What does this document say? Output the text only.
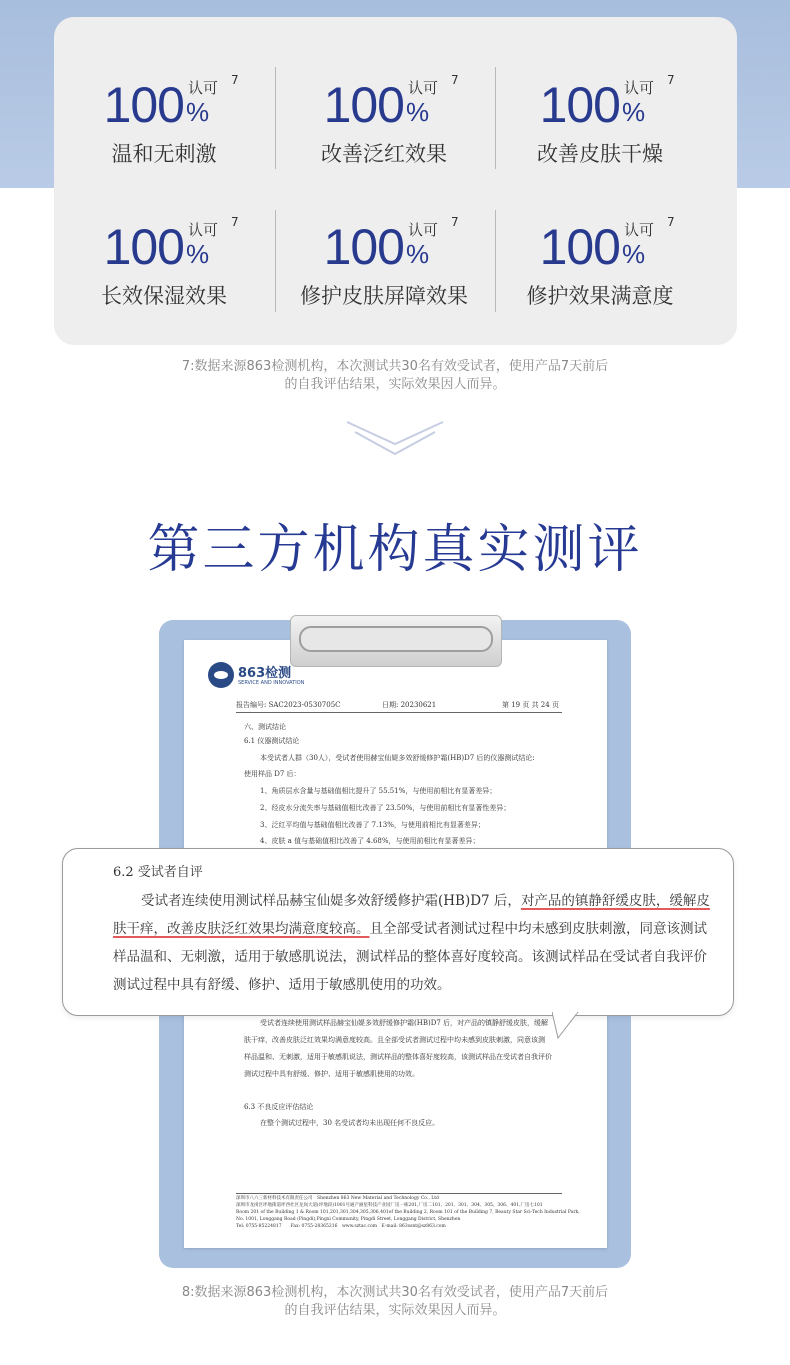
100 认可 7
%
温和无刺激
100 认可 7
%
改善泛红效果
100 认可 7
%
改善皮肤干燥
100 认可 7
%
长效保湿效果
100 认可 7
%
修护皮肤屏障效果
100 认可 7
%
修护效果满意度
7:数据来源863检测机构，本次测试共30名有效受试者，使用产品7天前后
的自我评估结果，实际效果因人而异。
第三方机构真实测评
863检测
SERVICE AND INNOVATION
报告编号: SAC2023-0530705C	日期: 20230621	第 19 页 共 24 页
六、测试结论
6.1 仪器测试结论
本受试者人群（30人），受试者使用赫宝仙媞多效舒缓修护霜(HB)D7 后的仪器测试结论:
使用样品 D7 后：
1、角质层水含量与基础值相比提升了 55.51%，与使用前相比有显著差异；
2、经皮水分流失率与基础值相比改善了 23.50%，与使用前相比有显著性差异；
3、泛红平均值与基础值相比改善了 7.13%，与使用前相比有显著差异；
4、皮肤 a 值与基础值相比改善了 4.68%，与使用前相比有显著差异；
受试者连续使用测试样品赫宝仙媞多效舒缓修护霜(HB)D7 后，对产品的镇静舒缓皮肤，缓解
肤干痒，改善皮肤泛红效果均满意度较高。且全部受试者测试过程中均未感到皮肤刺激，同意该测
样品温和、无刺激，适用于敏感肌说法，测试样品的整体喜好度较高，该测试样品在受试者自我评价
测试过程中具有舒缓、修护、适用于敏感肌使用的功效。
6.3 不良反应评估结论
在整个测试过程中，30 名受试者均未出现任何不良反应。
深圳市八六三新材料技术有限责任公司　Shenzhen 863 New Material and Technology Co., Ltd
深圳市龙岗区坪地街道坪西社区龙岗大道(坪地段)1001号通产丽星科技产业园厂房一栋201,厂房二101、201、301、304、305、306、401,厂房七101
Room 201 of the Building 1 & Room 101,201,301,304,305,306,401of the Building 2, Room 101 of the Building 7, Beauty Star Sci-Tech Industrial Park,
No. 1001, Longgang Road (Pingdi),Pingxi Community, Pingdi Street, Longgang District, Shenzhen
Tel: 0755-85224817　　Fax: 0755-28365216　www.sztac.com　E-mail: 863ssnt@sz863.com
6.2 受试者自评
受试者连续使用测试样品赫宝仙媞多效舒缓修护霜(HB)D7 后，对产品的镇静舒缓皮肤，缓解皮
肤干痒，改善皮肤泛红效果均满意度较高。且全部受试者测试过程中均未感到皮肤刺激，同意该测试
样品温和、无刺激，适用于敏感肌说法，测试样品的整体喜好度较高。该测试样品在受试者自我评价
测试过程中具有舒缓、修护、适用于敏感肌使用的功效。
8:数据来源863检测机构，本次测试共30名有效受试者，使用产品7天前后
的自我评估结果，实际效果因人而异。
